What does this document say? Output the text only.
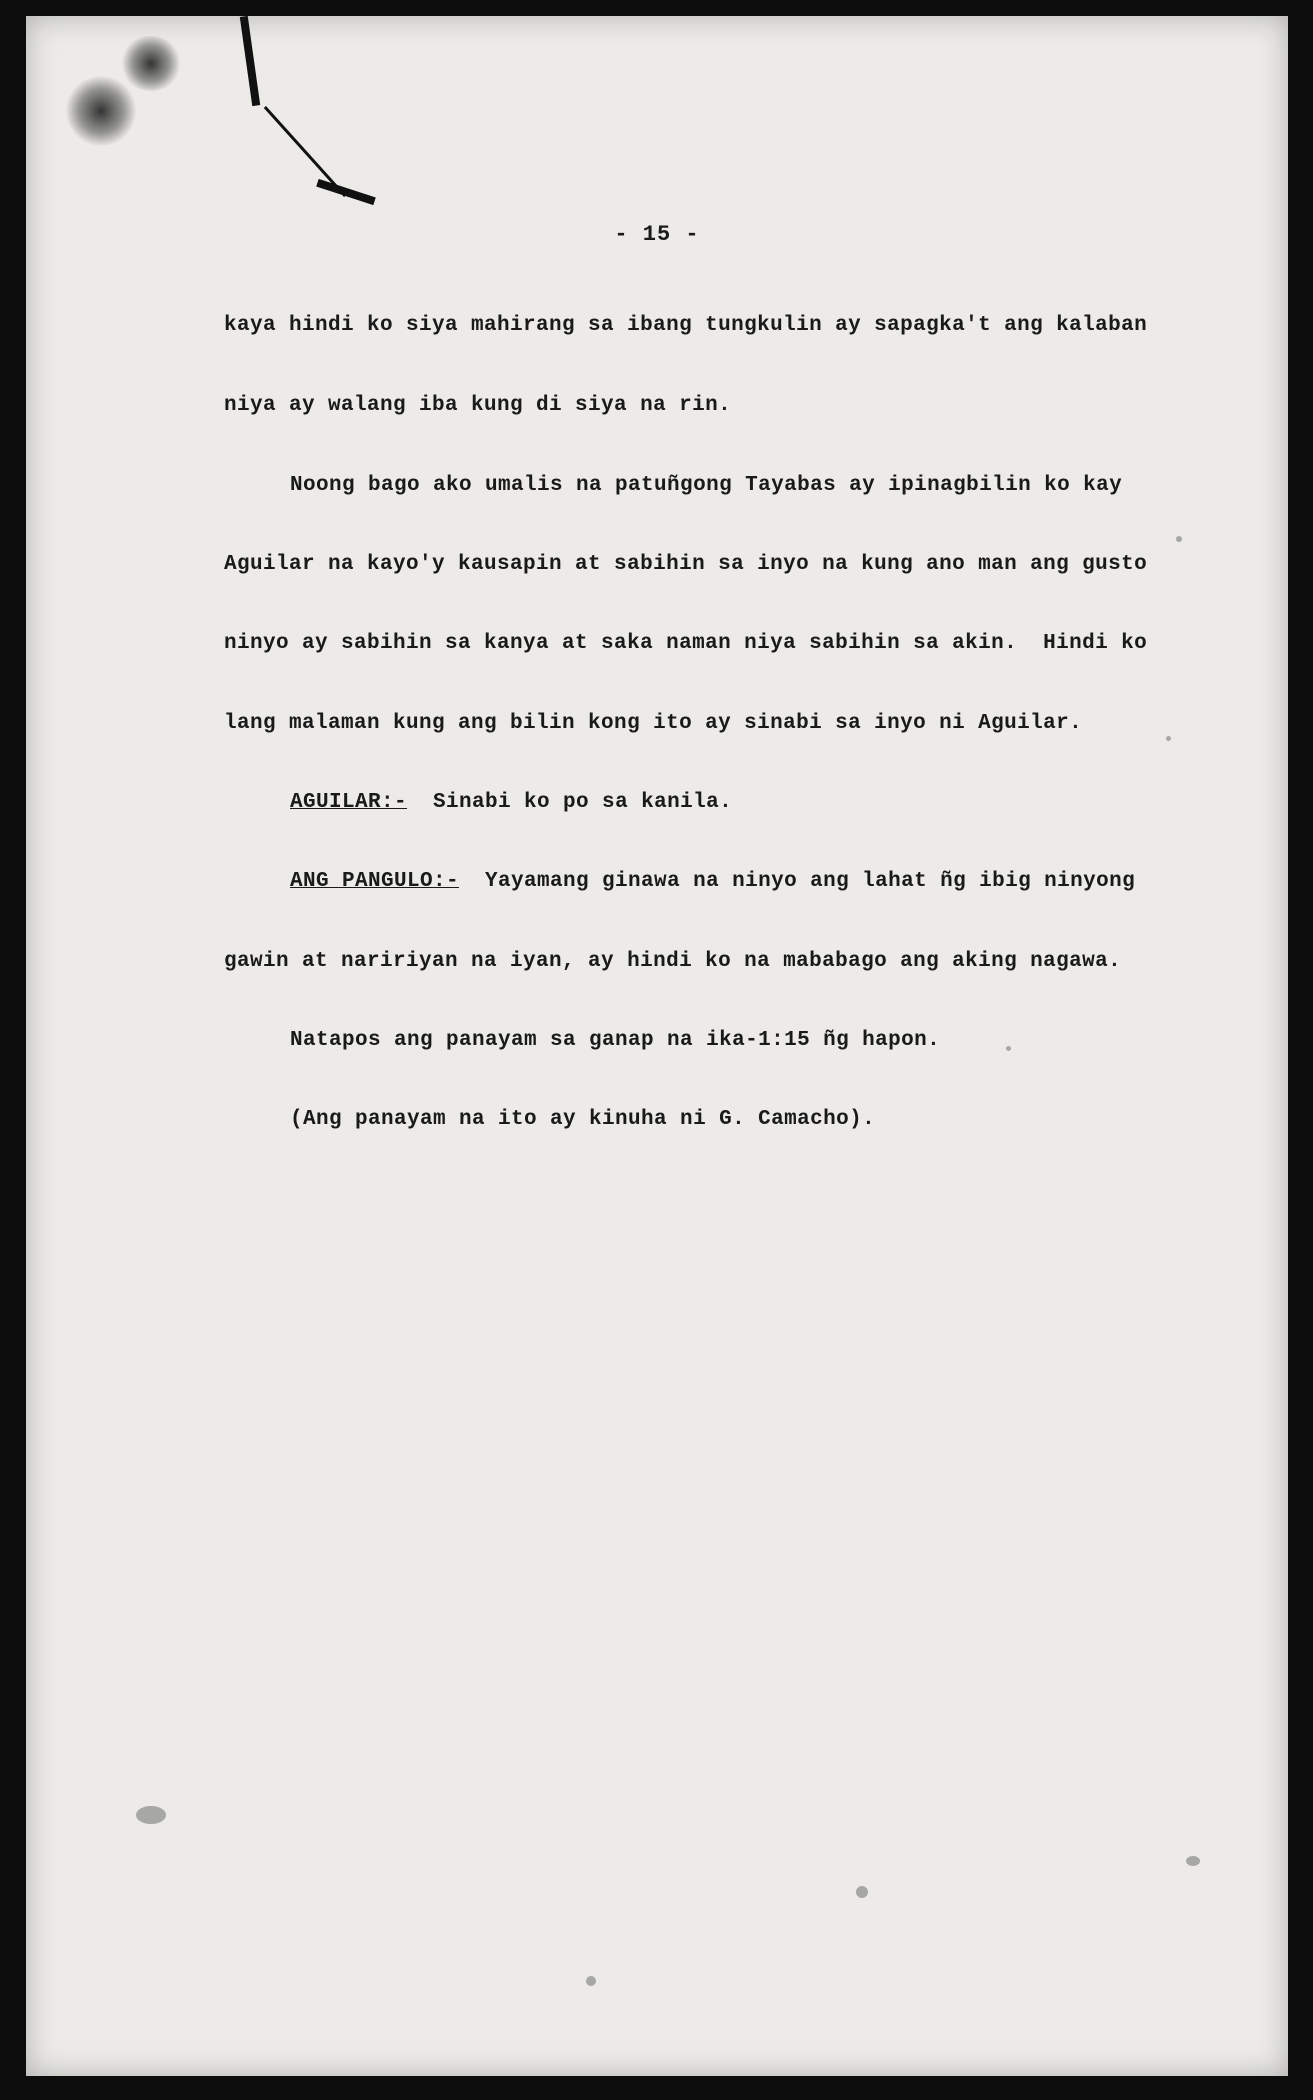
- 15 -
kaya hindi ko siya mahirang sa ibang tungkulin ay sapagka't ang kalaban
niya ay walang iba kung di siya na rin.
Noong bago ako umalis na patuñgong Tayabas ay ipinagbilin ko kay
Aguilar na kayo'y kausapin at sabihin sa inyo na kung ano man ang gusto
ninyo ay sabihin sa kanya at saka naman niya sabihin sa akin.  Hindi ko
lang malaman kung ang bilin kong ito ay sinabi sa inyo ni Aguilar.
AGUILAR:-  Sinabi ko po sa kanila.
ANG PANGULO:-  Yayamang ginawa na ninyo ang lahat ñg ibig ninyong
gawin at naririyan na iyan, ay hindi ko na mababago ang aking nagawa.
Natapos ang panayam sa ganap na ika-1:15 ñg hapon.
(Ang panayam na ito ay kinuha ni G. Camacho).
